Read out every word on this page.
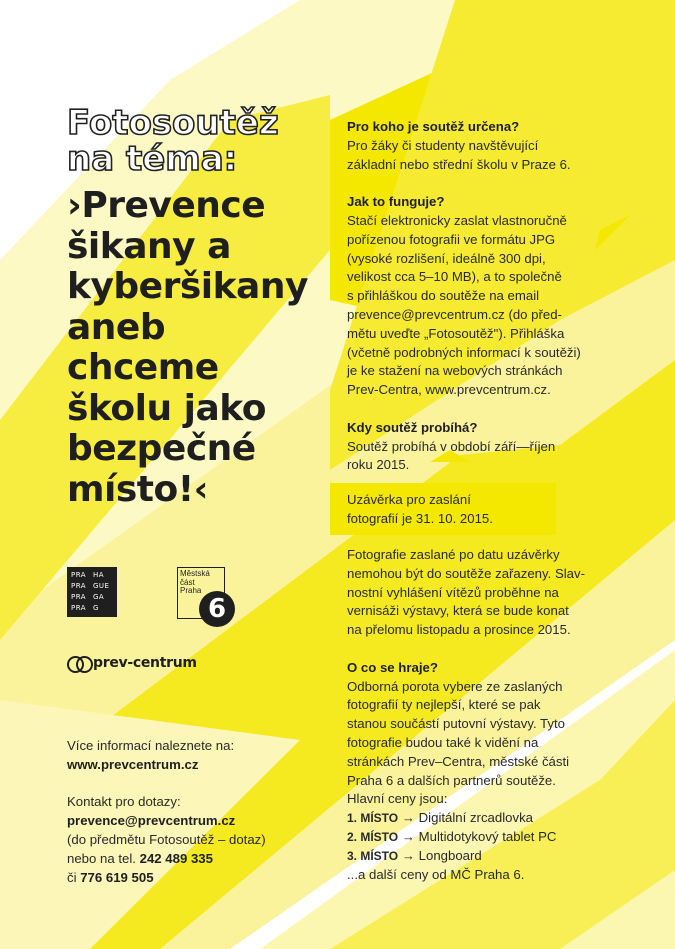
Fotosoutěž
na téma:
›Prevence
šikany a
kyberšikany
aneb
chceme
školu jako
bezpečné
místo!‹
PRA HA
PRA GUE
PRA GA
PRA G
Městská
část
Praha
6
prev-centrum

Více informací naleznete na:

www.prevcentrum.cz

Kontakt pro dotazy:

prevence@prevcentrum.cz

(do předmětu Fotosoutěž – dotaz)

nebo na tel. 242 489 335

či 776 619 505

Pro koho je soutěž určena?

Pro žáky či studenty navštěvující

základní nebo střední školu v Praze 6.

Jak to funguje?

Stačí elektronicky zaslat vlastnoručně

pořízenou fotografii ve formátu JPG

(vysoké rozlišení, ideálně 300 dpi,

velikost cca 5–10 MB), a to společně

s přihláškou do soutěže na email

prevence@prevcentrum.cz (do před-

mětu uveďte „Fotosoutěž"). Přihláška

(včetně podrobných informací k soutěži)

je ke stažení na webových stránkách

Prev-Centra, www.prevcentrum.cz.

Kdy soutěž probíhá?

Soutěž probíhá v období září—říjen

roku 2015.

Uzávěrka pro zaslání
fotografií je 31. 10. 2015.

Fotografie zaslané po datu uzávěrky

nemohou být do soutěže zařazeny. Slav-

nostní vyhlášení vítězů proběhne na

vernisáži výstavy, která se bude konat

na přelomu listopadu a prosince 2015.

O co se hraje?

Odborná porota vybere ze zaslaných

fotografií ty nejlepší, které se pak

stanou součástí putovní výstavy. Tyto

fotografie budou také k vidění na

stránkách Prev–Centra, městské části

Praha 6 a dalších partnerů soutěže.

Hlavní ceny jsou:

1. MÍSTO → Digitální zrcadlovka

2. MÍSTO → Multidotykový tablet PC

3. MÍSTO → Longboard

...a další ceny od MČ Praha 6.
